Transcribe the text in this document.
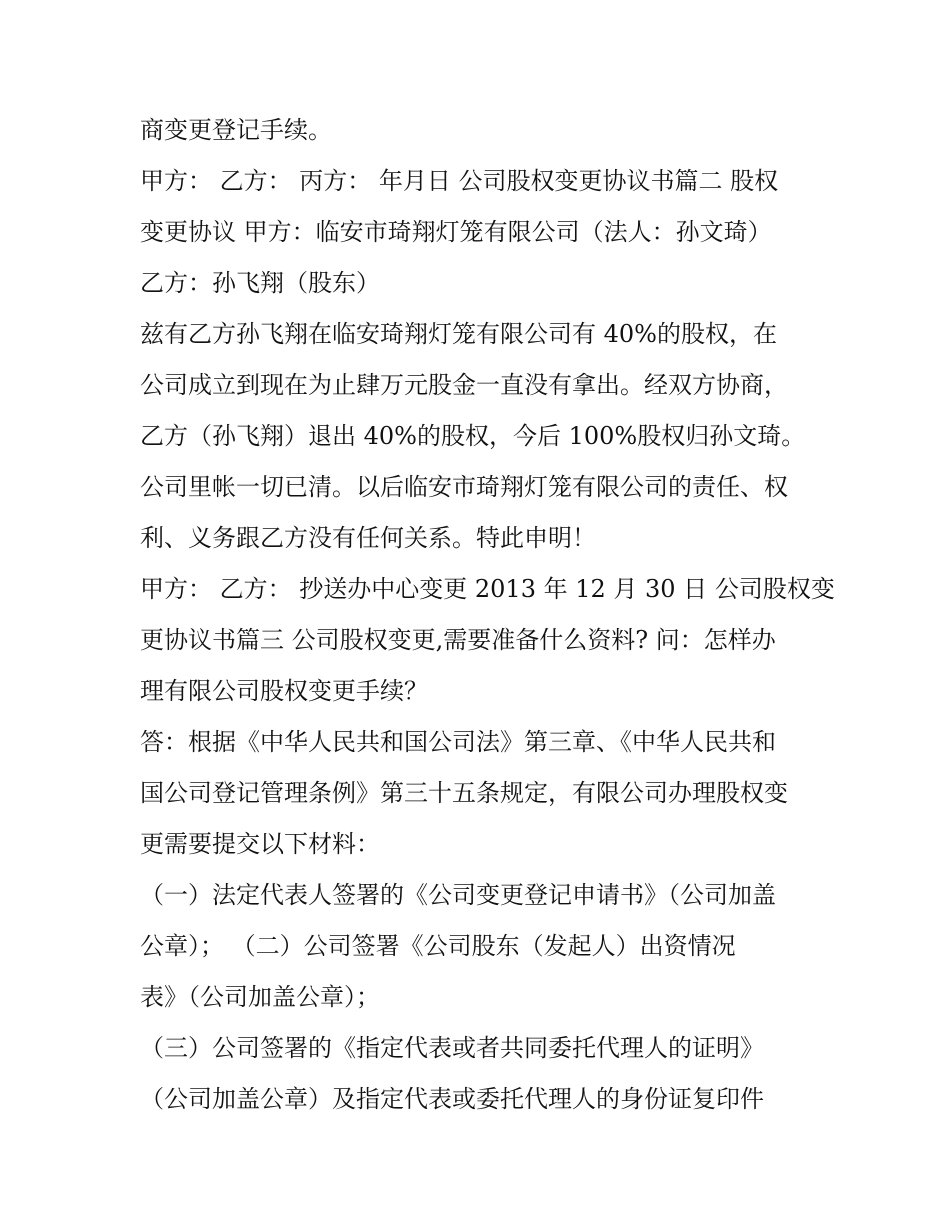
商变更登记手续。
甲方： 乙方： 丙方： 年月日 公司股权变更协议书篇二 股权
变更协议 甲方：临安市琦翔灯笼有限公司（法人：孙文琦）
乙方：孙飞翔（股东）
兹有乙方孙飞翔在临安琦翔灯笼有限公司有 40%的股权，在
公司成立到现在为止肆万元股金一直没有拿出。经双方协商，
乙方（孙飞翔）退出 40%的股权，今后 100%股权归孙文琦。
公司里帐一切已清。以后临安市琦翔灯笼有限公司的责任、权
利、义务跟乙方没有任何关系。特此申明！
甲方： 乙方： 抄送办中心变更 2013 年 12 月 30 日 公司股权变
更协议书篇三 公司股权变更,需要准备什么资料? 问：怎样办
理有限公司股权变更手续？
答：根据《中华人民共和国公司法》第三章、《中华人民共和
国公司登记管理条例》第三十五条规定，有限公司办理股权变
更需要提交以下材料：
（一）法定代表人签署的《公司变更登记申请书》（公司加盖
公章）； （二）公司签署《公司股东（发起人）出资情况
表》（公司加盖公章）；
（三）公司签署的《指定代表或者共同委托代理人的证明》
（公司加盖公章）及指定代表或委托代理人的身份证复印件
